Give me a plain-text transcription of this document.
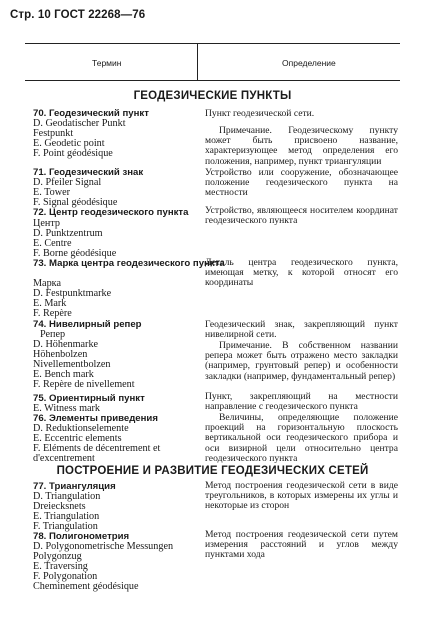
Стр. 10 ГОСТ 22268—76
Термин	Определение
ГЕОДЕЗИЧЕСКИЕ ПУНКТЫ
70. Геодезический пункт
D. Geodatischer Punkt
Festpunkt
E. Geodetic point
F. Point géodésique
Пункт геодезической сети.
Примечание. Геодезическому пункту может быть присвоено название, характеризующее метод определения его положения, например, пункт триангуляции
71. Геодезический знак
D. Pfeiler Signal
E. Tower
F. Signal géodésique
Устройство или сооружение, обозначающее положение геодезического пункта на местности
72. Центр геодезического пункта
Центр
D. Punktzentrum
E. Centre
F. Borne géodésique
Устройство, являющееся носителем координат геодезического пункта
73. Марка центра геодезического пункта
Марка
D. Festpunktmarke
E. Mark
F. Repère
Деталь центра геодезического пункта, имеющая метку, к которой относят его координаты
74. Нивелирный репер
Репер
D. Höhenmarke
Höhenbolzen
Nivellementbolzen
E. Bench mark
F. Repère de nivellement
Геодезический знак, закрепляющий пункт нивелирной сети.
Примечание. В собственном названии репера может быть отражено место закладки (например, грунтовый репер) и особенности закладки (например, фундаментальный репер)
75. Ориентирный пункт
E. Witness mark
Пункт, закрепляющий на местности направление с геодезического пункта
76. Элементы приведения
D. Reduktionselemente
E. Eccentric elements
F. Eléments de décentrement et
d'excentrement
Величины, определяющие положение проекций на горизонтальную плоскость вертикальной оси геодезического прибора и оси визирной цели относительно центра геодезического пункта
ПОСТРОЕНИЕ И РАЗВИТИЕ ГЕОДЕЗИЧЕСКИХ СЕТЕЙ
77. Триангуляция
D. Triangulation
Dreiecksnets
E. Triangulation
F. Triangulation
Метод построения геодезической сети в виде треугольников, в которых измерены их углы и некоторые из сторон
78. Полигонометрия
D. Polygonometrische Messungen
Polygonzug
E. Traversing
F. Polygonation
Cheminement géodésique
Метод построения геодезической сети путем измерения расстояний и углов между пунктами хода
